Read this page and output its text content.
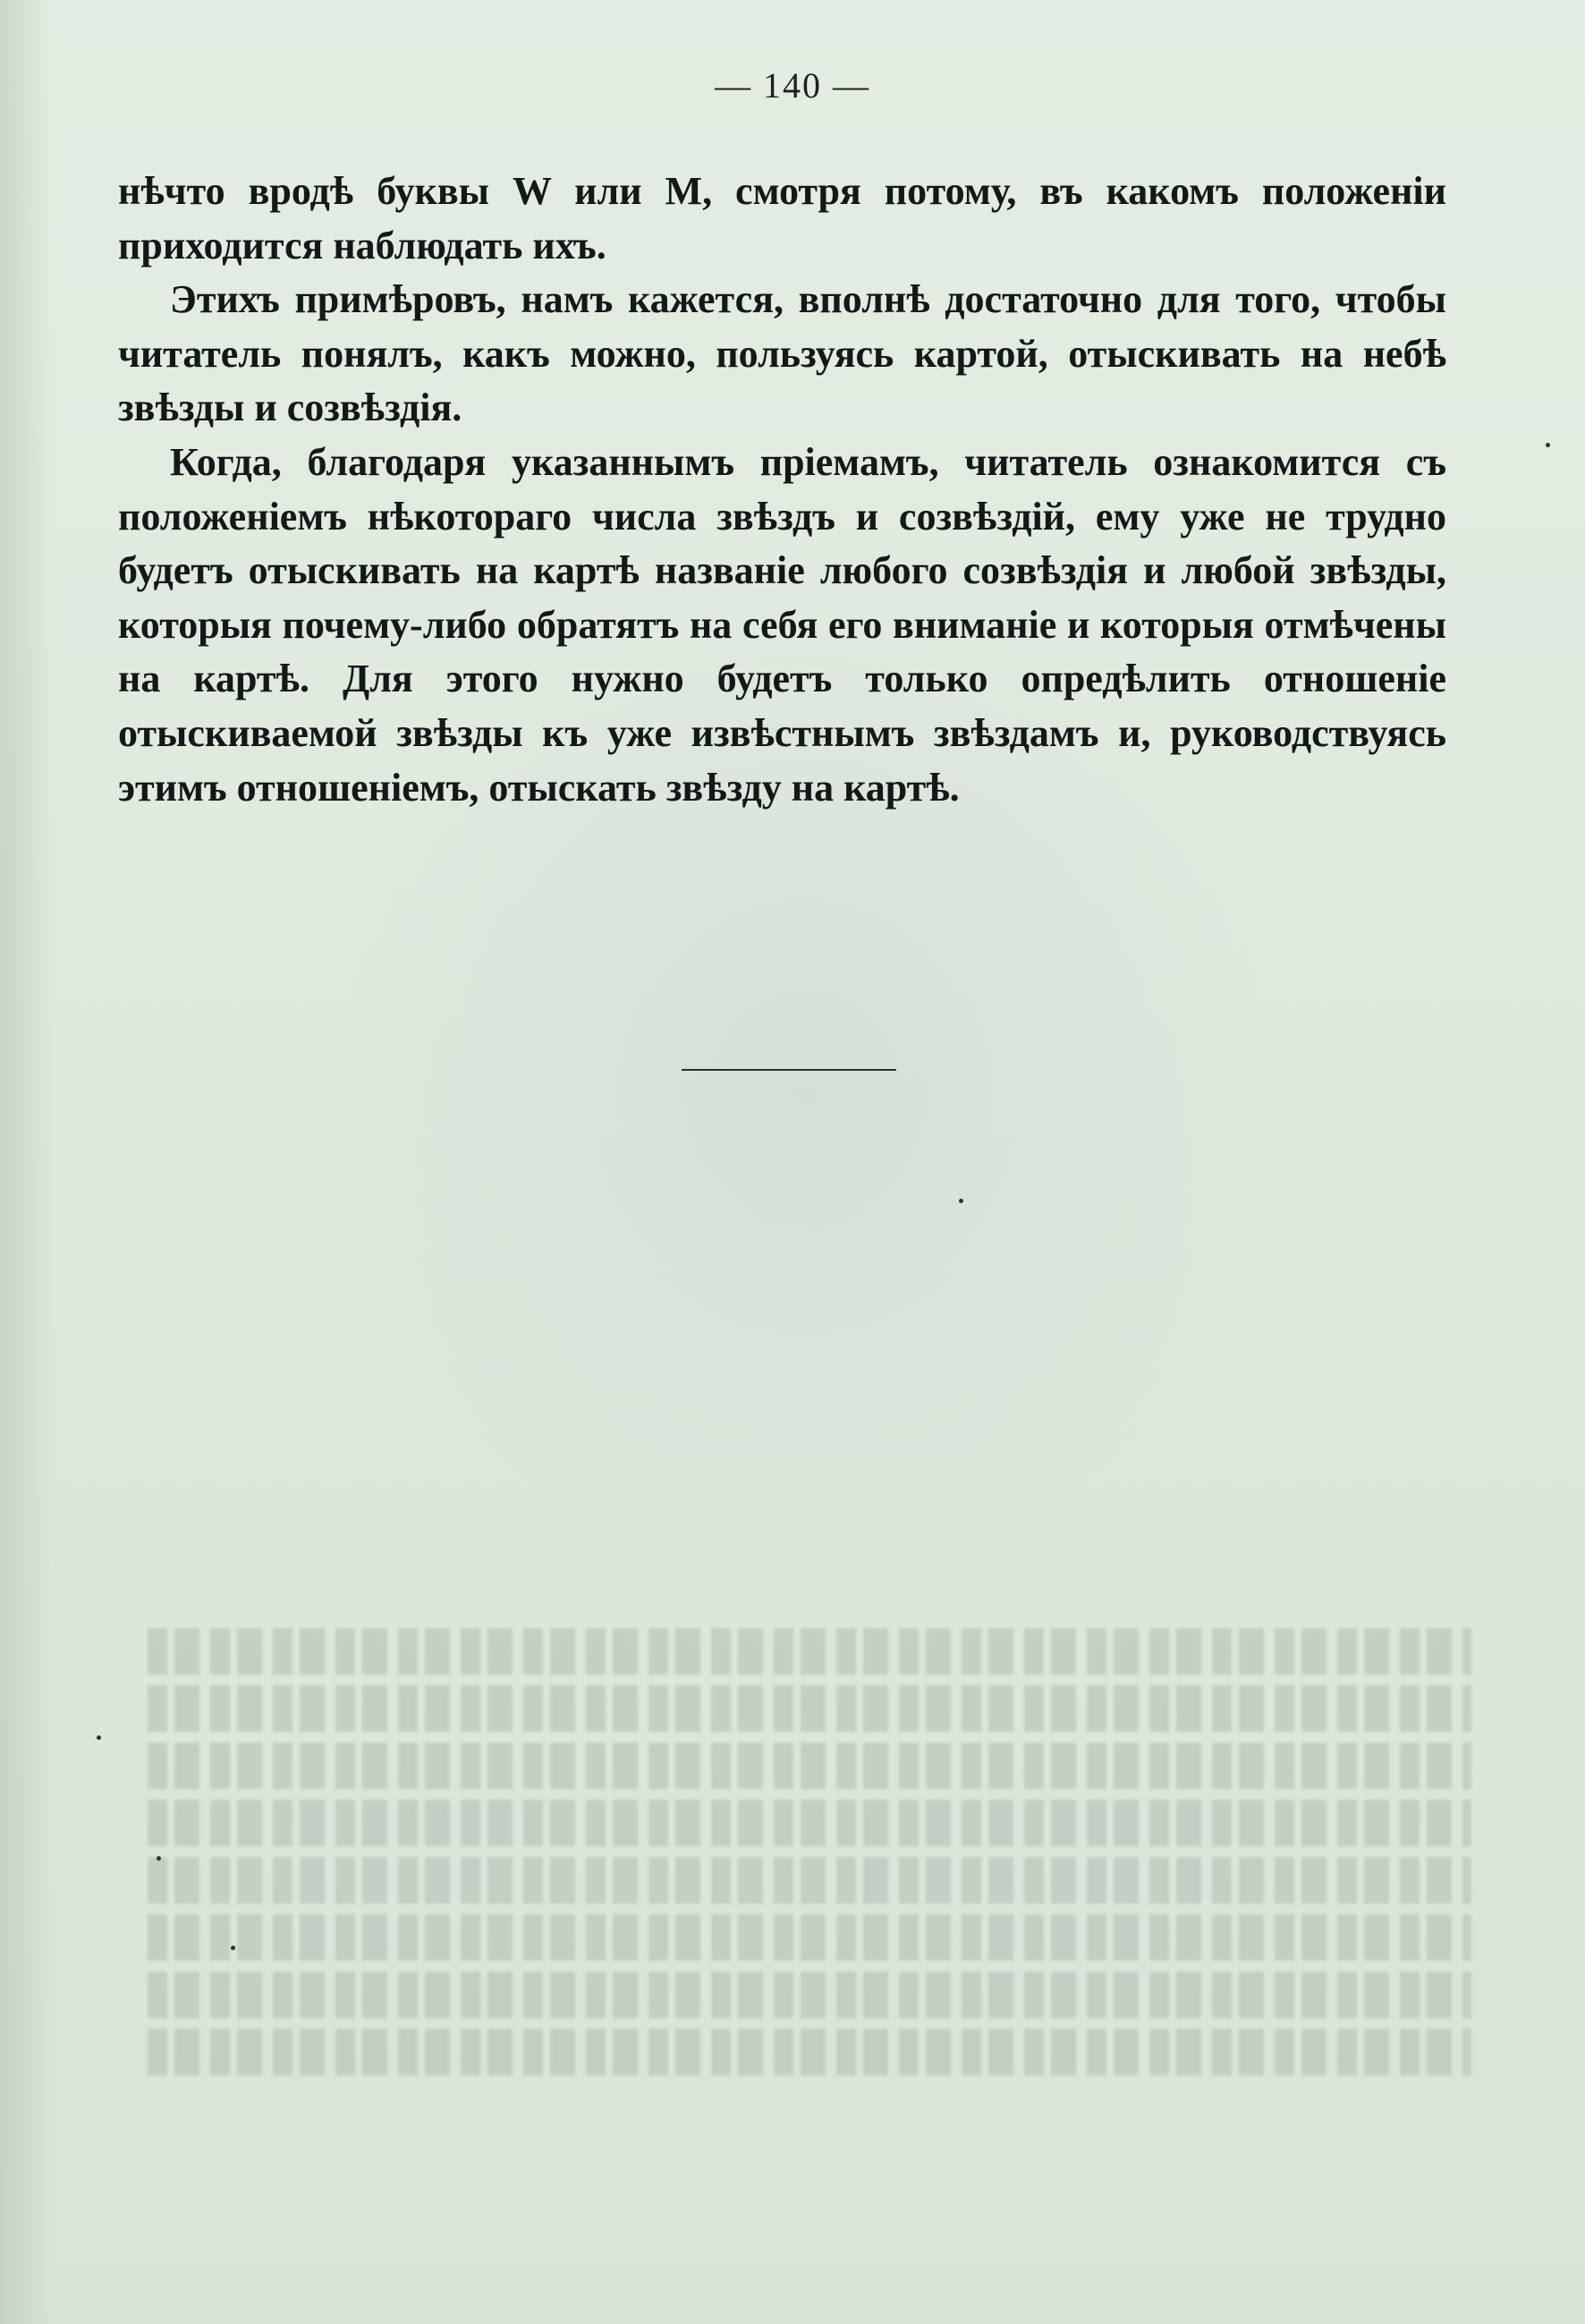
— 140 —

нѣчто вродѣ буквы W или М, смотря потому, въ какомъ положеніи приходится наблюдать ихъ.

Этихъ примѣровъ, намъ кажется, вполнѣ достаточно для того, чтобы читатель понялъ, какъ можно, пользуясь картой, отыскивать на небѣ звѣзды и созвѣздія.

Когда, благодаря указаннымъ пріемамъ, читатель ознакомится съ положеніемъ нѣкотораго числа звѣздъ и созвѣздій, ему уже не трудно будетъ отыскивать на картѣ названіе любого созвѣздія и любой звѣзды, которыя почему-либо обратятъ на себя его вниманіе и которыя отмѣчены на картѣ. Для этого нужно будетъ только опредѣлить отношеніе отыскиваемой звѣзды къ уже извѣстнымъ звѣздамъ и, руководствуясь этимъ отношеніемъ, отыскать звѣзду на картѣ.
